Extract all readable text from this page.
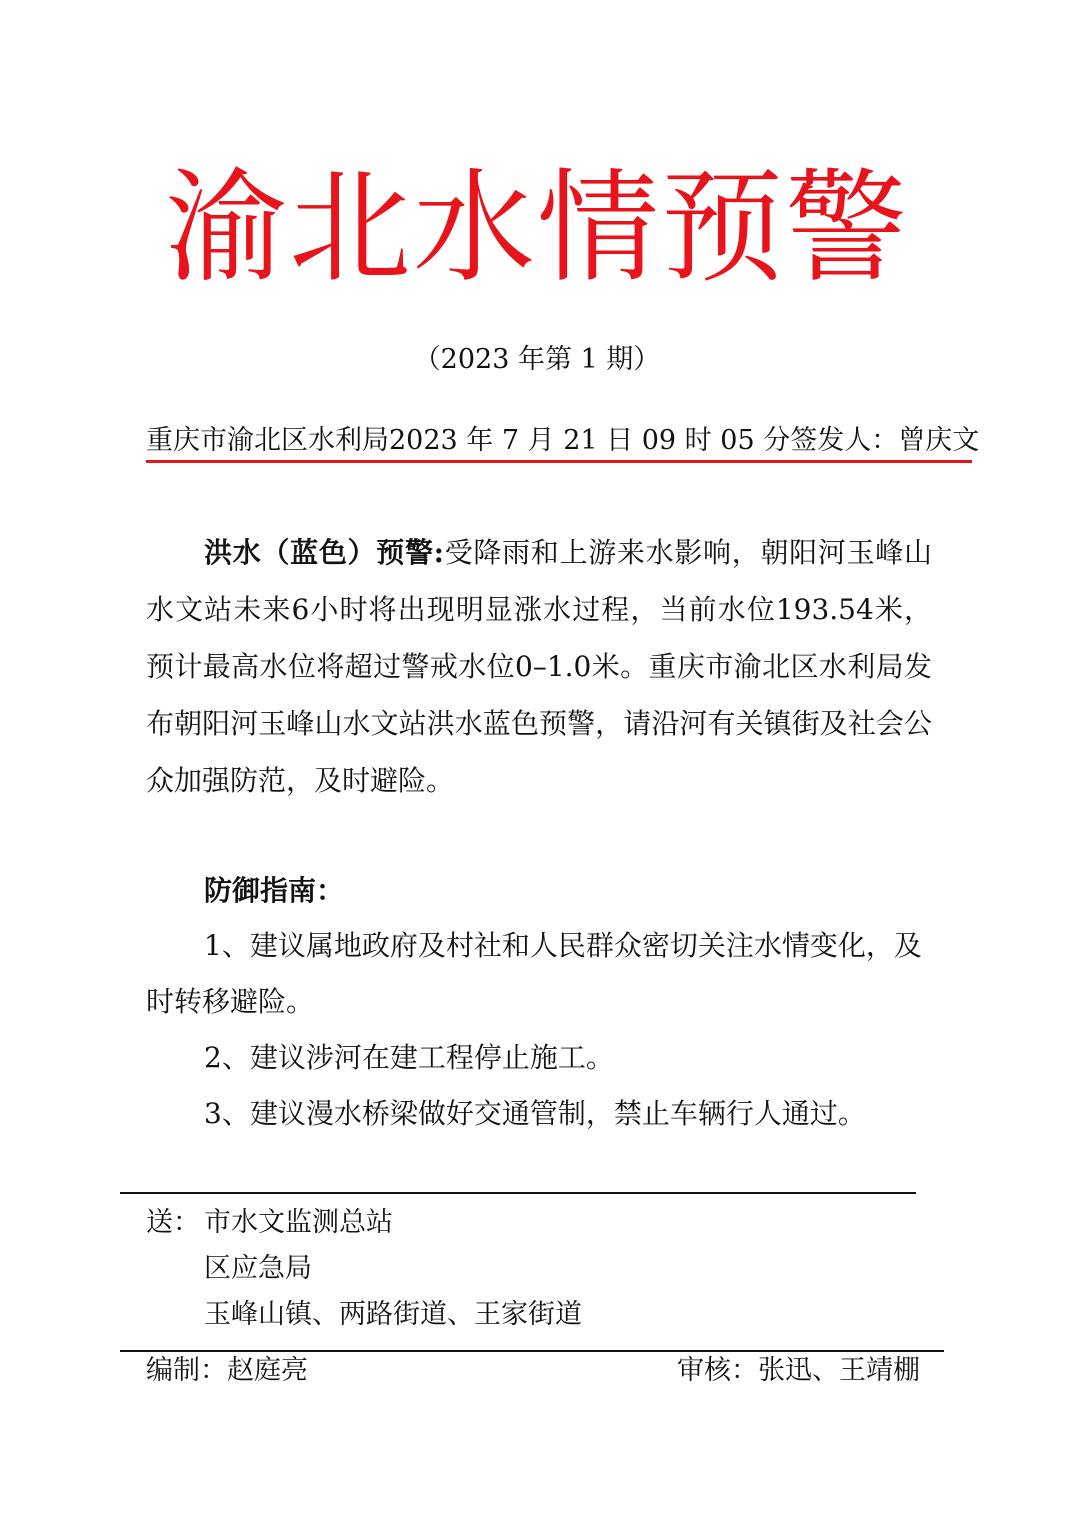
渝北水情预警
（2023 年第 1 期）
重庆市渝北区水利局 2023 年 7 月 21 日 09 时 05 分 签发人：曾庆文
洪水（蓝色）预警:受降雨和上游来水影响，朝阳河玉峰山水文站未来6小时将出现明显涨水过程，当前水位193.54米，预计最高水位将超过警戒水位0–1.0米。重庆市渝北区水利局发布朝阳河玉峰山水文站洪水蓝色预警，请沿河有关镇街及社会公众加强防范，及时避险。
防御指南：
1、建议属地政府及村社和人民群众密切关注水情变化，及时转移避险。
2、建议涉河在建工程停止施工。
3、建议漫水桥梁做好交通管制，禁止车辆行人通过。
送： 市水文监测总站
区应急局
玉峰山镇、两路街道、王家街道
编制：赵庭亮	审核：张迅、王靖棚
